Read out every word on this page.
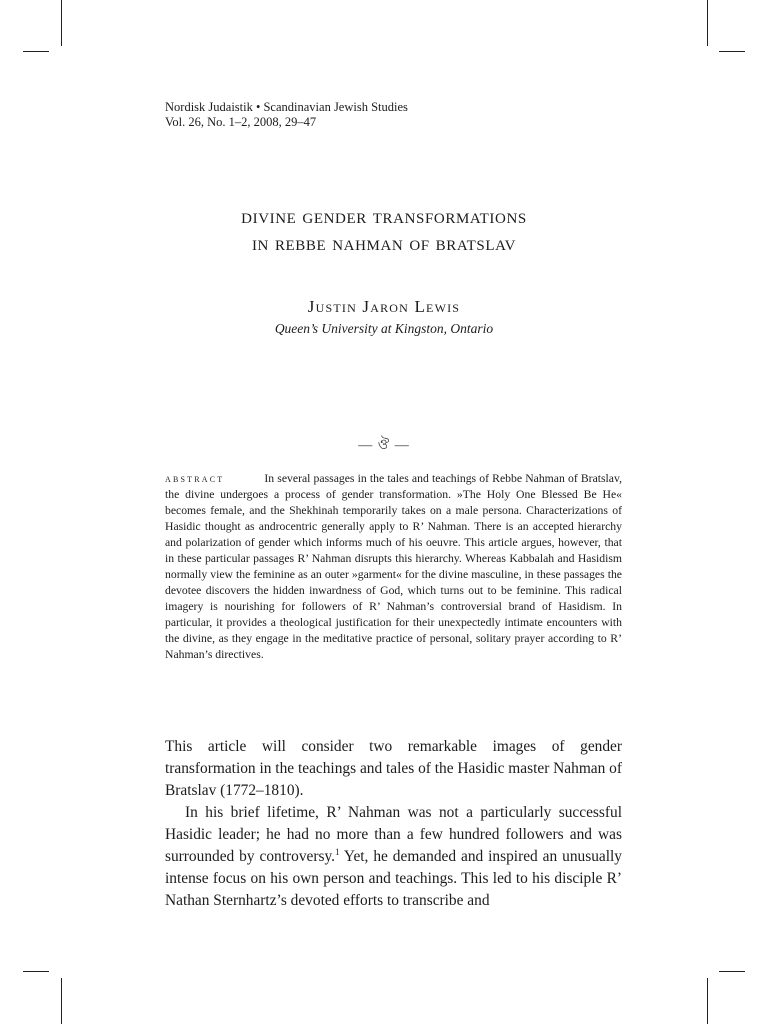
Nordisk Judaistik • Scandinavian Jewish Studies
Vol. 26, No. 1–2, 2008, 29–47
divine gender transformations
in rebbe nahman of bratslav
Justin Jaron Lewis
Queen’s University at Kingston, Ontario
— ঔ —
abstract	In several passages in the tales and teachings of Rebbe Nahman of Bratslav, the divine undergoes a process of gender transformation. »The Holy One Blessed Be He« becomes female, and the Shekhinah temporarily takes on a male persona. Characterizations of Hasidic thought as androcentric generally apply to R’ Nahman. There is an accepted hierarchy and polarization of gender which informs much of his oeuvre. This article argues, however, that in these particular passages R’ Nahman disrupts this hierarchy. Whereas Kabbalah and Hasidism normally view the feminine as an outer »garment« for the divine masculine, in these passages the devotee discovers the hidden inwardness of God, which turns out to be feminine. This radical imagery is nourishing for followers of R’ Nahman’s controversial brand of Hasidism. In particular, it provides a theological justification for their unexpectedly intimate encounters with the divine, as they engage in the meditative practice of personal, solitary prayer according to R’ Nahman’s directives.

This article will consider two remarkable images of gender transformation in the teachings and tales of the Hasidic master Nahman of Bratslav (1772–1810).

In his brief lifetime, R’ Nahman was not a particularly successful Hasidic leader; he had no more than a few hundred followers and was surrounded by controversy.$^1$ Yet, he demanded and inspired an unusually intense focus on his own person and teachings. This led to his disciple R’ Nathan Sternhartz’s devoted efforts to transcribe and
